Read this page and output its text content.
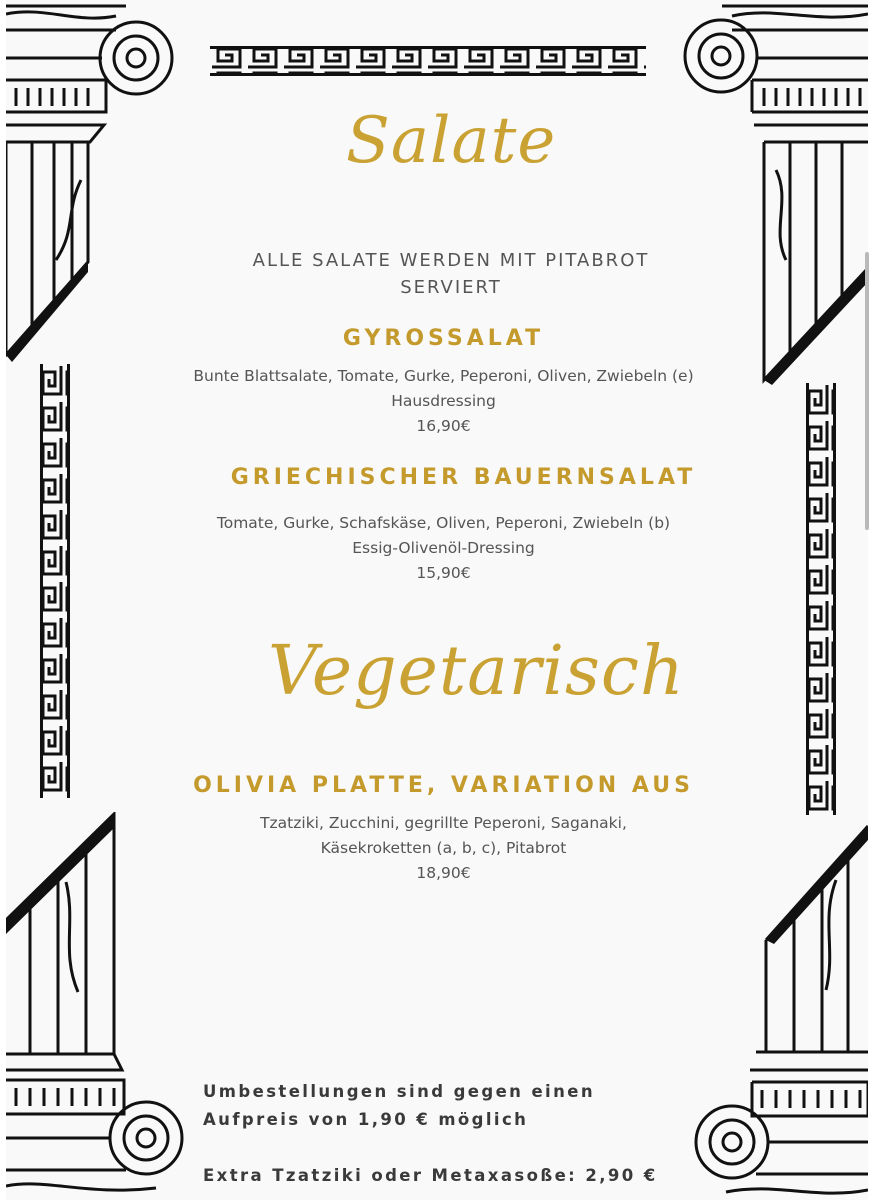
Salate
ALLE SALATE WERDEN MIT PITABROT SERVIERT
GYROSSALAT
Bunte Blattsalate, Tomate, Gurke, Peperoni, Oliven, Zwiebeln (e)
Hausdressing
16,90€
GRIECHISCHER BAUERNSALAT
Tomate, Gurke, Schafskäse, Oliven, Peperoni, Zwiebeln (b)
Essig-Olivenöl-Dressing
15,90€
Vegetarisch
OLIVIA PLATTE, VARIATION AUS
Tzatziki, Zucchini, gegrillte Peperoni, Saganaki,
Käsekroketten (a, b, c), Pitabrot
18,90€
Umbestellungen sind gegen einen
Aufpreis von 1,90 € möglich
Extra Tzatziki oder Metaxasoße: 2,90 €
